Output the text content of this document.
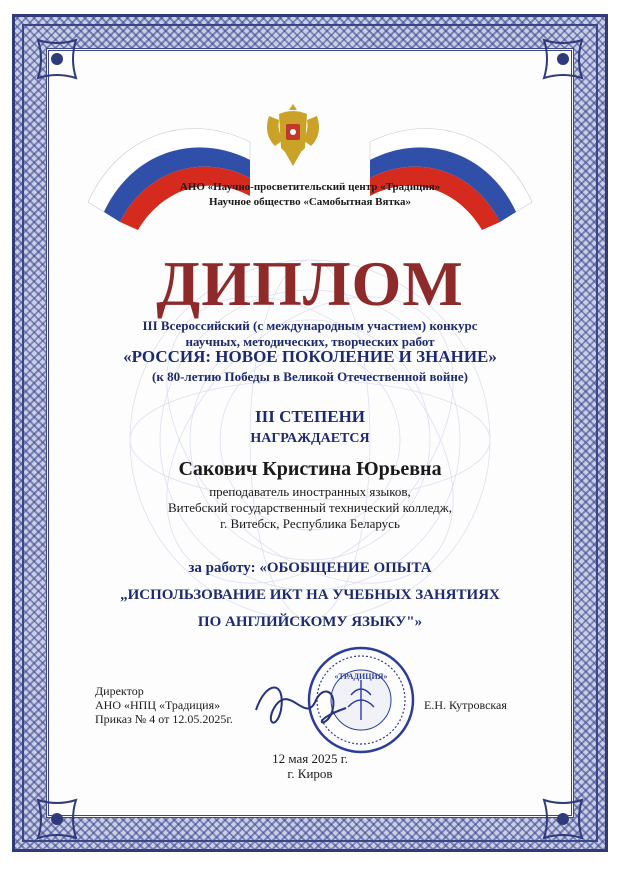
АНО «Научно-просветительский центр «Традиция»
Научное общество «Самобытная Вятка»
ДИПЛОМ
III Всероссийский (с международным участием) конкурс
научных, методических, творческих работ
«РОССИЯ: НОВОЕ ПОКОЛЕНИЕ И ЗНАНИЕ»
(к 80-летию Победы в Великой Отечественной войне)
III СТЕПЕНИ
НАГРАЖДАЕТСЯ
Сакович Кристина Юрьевна
преподаватель иностранных языков,
Витебский государственный технический колледж,
г. Витебск, Республика Беларусь
за работу: «ОБОБЩЕНИЕ ОПЫТА
„ИСПОЛЬЗОВАНИЕ ИКТ НА УЧЕБНЫХ ЗАНЯТИЯХ
ПО АНГЛИЙСКОМУ ЯЗЫКУ"»
Директор
АНО «НПЦ «Традиция»
Приказ № 4 от 12.05.2025г.
Е.Н. Кутровская
«ТРАДИЦИЯ»
12 мая 2025 г.
г. Киров
